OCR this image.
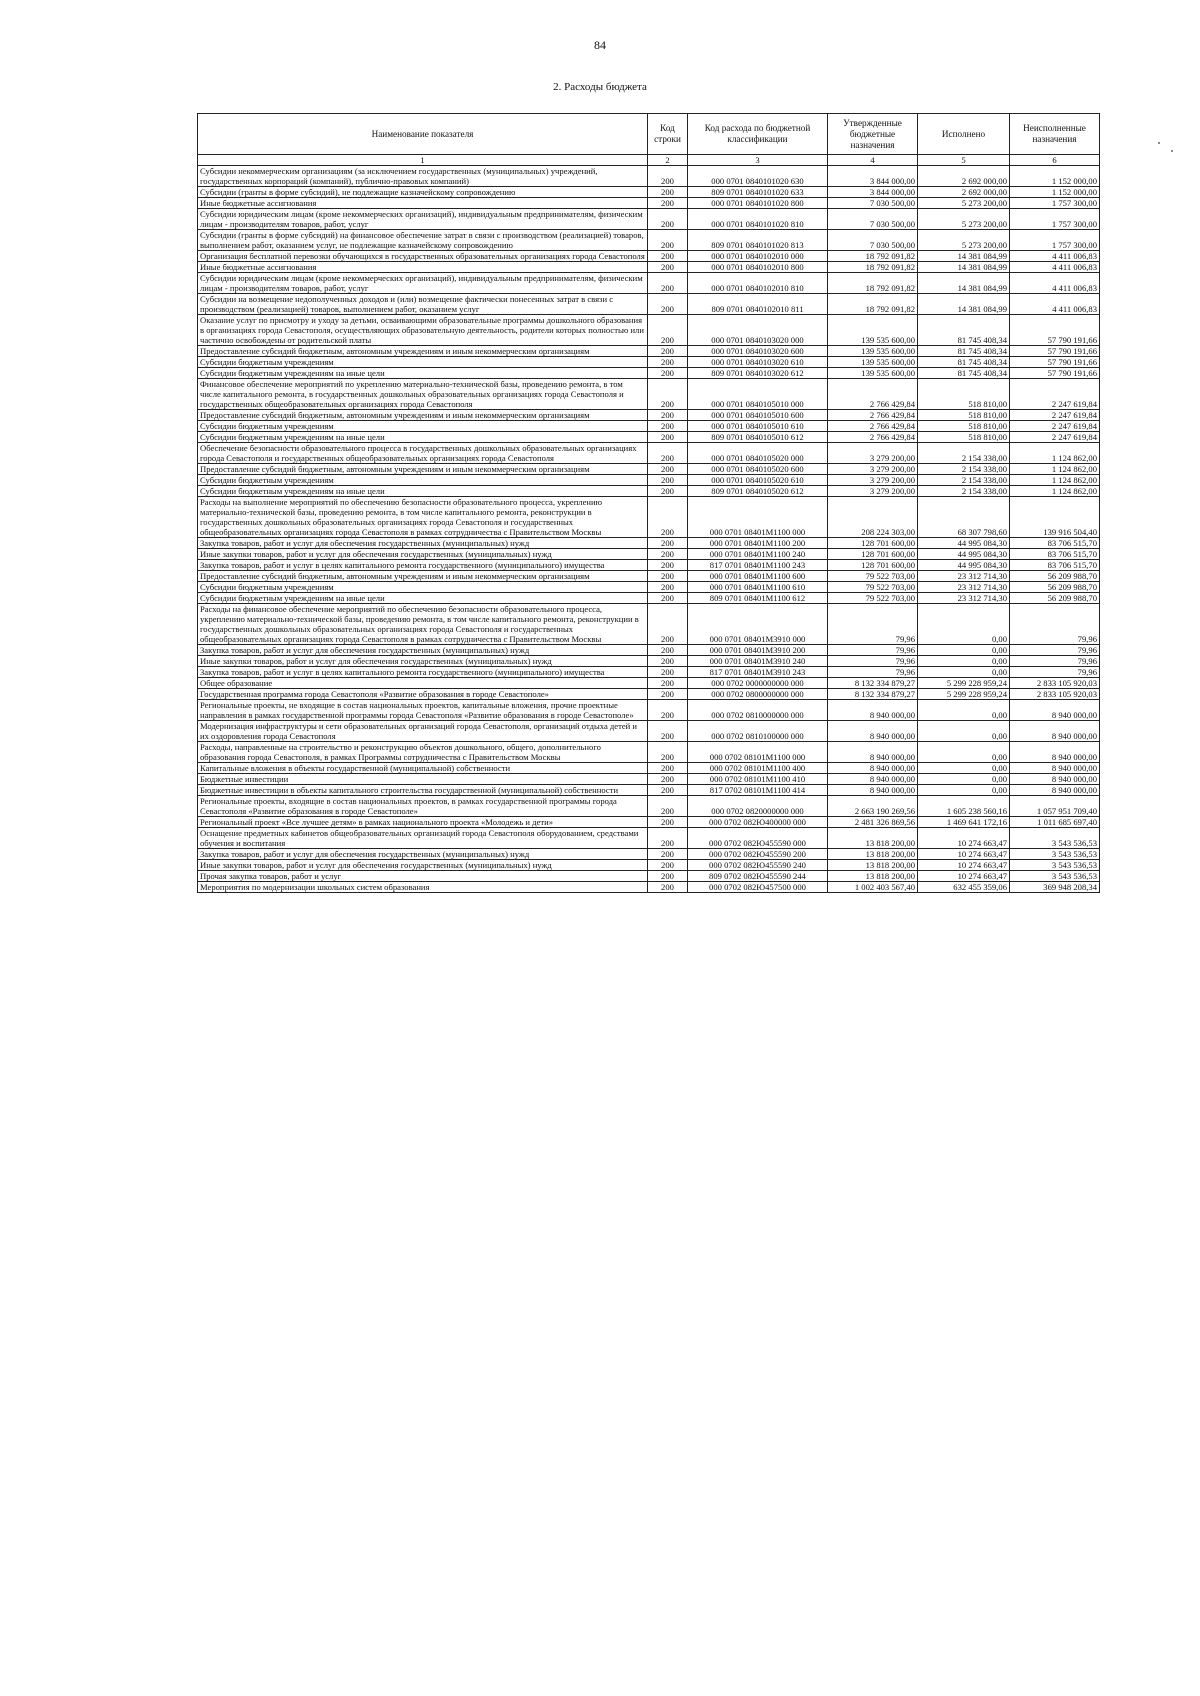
84
2. Расходы бюджета
Наименование показателя	Код строки	Код расхода по бюджетной классификации	Утвержденные бюджетные назначения	Исполнено	Неисполненные назначения
1	2	3	4	5	6
Субсидии некоммерческим организациям (за исключением государственных (муниципальных) учреждений, государственных корпораций (компаний), публично-правовых компаний)	200	000 0701 0840101020 630	3 844 000,00	2 692 000,00	1 152 000,00
Субсидии (гранты в форме субсидий), не подлежащие казначейскому сопровождению	200	809 0701 0840101020 633	3 844 000,00	2 692 000,00	1 152 000,00
Иные бюджетные ассигнования	200	000 0701 0840101020 800	7 030 500,00	5 273 200,00	1 757 300,00
Субсидии юридическим лицам (кроме некоммерческих организаций), индивидуальным предпринимателям, физическим лицам - производителям товаров, работ, услуг	200	000 0701 0840101020 810	7 030 500,00	5 273 200,00	1 757 300,00
Субсидии (гранты в форме субсидий) на финансовое обеспечение затрат в связи с производством (реализацией) товаров, выполнением работ, оказанием услуг, не подлежащие казначейскому сопровождению	200	809 0701 0840101020 813	7 030 500,00	5 273 200,00	1 757 300,00
Организация бесплатной перевозки обучающихся в государственных образовательных организациях города Севастополя	200	000 0701 0840102010 000	18 792 091,82	14 381 084,99	4 411 006,83
Иные бюджетные ассигнования	200	000 0701 0840102010 800	18 792 091,82	14 381 084,99	4 411 006,83
Субсидии юридическим лицам (кроме некоммерческих организаций), индивидуальным предпринимателям, физическим лицам - производителям товаров, работ, услуг	200	000 0701 0840102010 810	18 792 091,82	14 381 084,99	4 411 006,83
Субсидии на возмещение недополученных доходов и (или) возмещение фактически понесенных затрат в связи с производством (реализацией) товаров, выполнением работ, оказанием услуг	200	809 0701 0840102010 811	18 792 091,82	14 381 084,99	4 411 006,83
Оказание услуг по присмотру и уходу за детьми, осваивающими образовательные программы дошкольного образования в организациях города Севастополя, осуществляющих образовательную деятельность, родители которых полностью или частично освобождены от родительской платы	200	000 0701 0840103020 000	139 535 600,00	81 745 408,34	57 790 191,66
Предоставление субсидий бюджетным, автономным учреждениям и иным некоммерческим организациям	200	000 0701 0840103020 600	139 535 600,00	81 745 408,34	57 790 191,66
Субсидии бюджетным учреждениям	200	000 0701 0840103020 610	139 535 600,00	81 745 408,34	57 790 191,66
Субсидии бюджетным учреждениям на иные цели	200	809 0701 0840103020 612	139 535 600,00	81 745 408,34	57 790 191,66
Финансовое обеспечение мероприятий по укреплению материально-технической базы, проведению ремонта, в том числе капитального ремонта, в государственных дошкольных образовательных организациях города Севастополя и государственных общеобразовательных организациях города Севастополя	200	000 0701 0840105010 000	2 766 429,84	518 810,00	2 247 619,84
Предоставление субсидий бюджетным, автономным учреждениям и иным некоммерческим организациям	200	000 0701 0840105010 600	2 766 429,84	518 810,00	2 247 619,84
Субсидии бюджетным учреждениям	200	000 0701 0840105010 610	2 766 429,84	518 810,00	2 247 619,84
Субсидии бюджетным учреждениям на иные цели	200	809 0701 0840105010 612	2 766 429,84	518 810,00	2 247 619,84
Обеспечение безопасности образовательного процесса в государственных дошкольных образовательных организациях города Севастополя и государственных общеобразовательных организациях города Севастополя	200	000 0701 0840105020 000	3 279 200,00	2 154 338,00	1 124 862,00
Предоставление субсидий бюджетным, автономным учреждениям и иным некоммерческим организациям	200	000 0701 0840105020 600	3 279 200,00	2 154 338,00	1 124 862,00
Субсидии бюджетным учреждениям	200	000 0701 0840105020 610	3 279 200,00	2 154 338,00	1 124 862,00
Субсидии бюджетным учреждениям на иные цели	200	809 0701 0840105020 612	3 279 200,00	2 154 338,00	1 124 862,00
Расходы на выполнение мероприятий по обеспечению безопасности образовательного процесса, укреплению материально-технической базы, проведению ремонта, в том числе капитального ремонта, реконструкции в государственных дошкольных образовательных организациях города Севастополя и государственных общеобразовательных организациях города Севастополя в рамках сотрудничества с Правительством Москвы	200	000 0701 08401М1100 000	208 224 303,00	68 307 798,60	139 916 504,40
Закупка товаров, работ и услуг для обеспечения государственных (муниципальных) нужд	200	000 0701 08401М1100 200	128 701 600,00	44 995 084,30	83 706 515,70
Иные закупки товаров, работ и услуг для обеспечения государственных (муниципальных) нужд	200	000 0701 08401М1100 240	128 701 600,00	44 995 084,30	83 706 515,70
Закупка товаров, работ и услуг в целях капитального ремонта государственного (муниципального) имущества	200	817 0701 08401М1100 243	128 701 600,00	44 995 084,30	83 706 515,70
Предоставление субсидий бюджетным, автономным учреждениям и иным некоммерческим организациям	200	000 0701 08401М1100 600	79 522 703,00	23 312 714,30	56 209 988,70
Субсидии бюджетным учреждениям	200	000 0701 08401М1100 610	79 522 703,00	23 312 714,30	56 209 988,70
Субсидии бюджетным учреждениям на иные цели	200	809 0701 08401М1100 612	79 522 703,00	23 312 714,30	56 209 988,70
Расходы на финансовое обеспечение мероприятий по обеспечению безопасности образовательного процесса, укреплению материально-технической базы, проведению ремонта, в том числе капитального ремонта, реконструкции в государственных дошкольных образовательных организациях города Севастополя и государственных общеобразовательных организациях города Севастополя в рамках сотрудничества с Правительством Москвы	200	000 0701 08401М3910 000	79,96	0,00	79,96
Закупка товаров, работ и услуг для обеспечения государственных (муниципальных) нужд	200	000 0701 08401М3910 200	79,96	0,00	79,96
Иные закупки товаров, работ и услуг для обеспечения государственных (муниципальных) нужд	200	000 0701 08401М3910 240	79,96	0,00	79,96
Закупка товаров, работ и услуг в целях капитального ремонта государственного (муниципального) имущества	200	817 0701 08401М3910 243	79,96	0,00	79,96
Общее образование	200	000 0702 0000000000 000	8 132 334 879,27	5 299 228 959,24	2 833 105 920,03
Государственная программа города Севастополя «Развитие образования в городе Севастополе»	200	000 0702 0800000000 000	8 132 334 879,27	5 299 228 959,24	2 833 105 920,03
Региональные проекты, не входящие в состав национальных проектов, капитальные вложения, прочие проектные направления в рамках государственной программы города Севастополя «Развитие образования в городе Севастополе»	200	000 0702 0810000000 000	8 940 000,00	0,00	8 940 000,00
Модернизация инфраструктуры и сети образовательных организаций города Севастополя, организаций отдыха детей и их оздоровления города Севастополя	200	000 0702 0810100000 000	8 940 000,00	0,00	8 940 000,00
Расходы, направленные на строительство и реконструкцию объектов дошкольного, общего, дополнительного образования города Севастополя, в рамках Программы сотрудничества с Правительством Москвы	200	000 0702 08101М1100 000	8 940 000,00	0,00	8 940 000,00
Капитальные вложения в объекты государственной (муниципальной) собственности	200	000 0702 08101М1100 400	8 940 000,00	0,00	8 940 000,00
Бюджетные инвестиции	200	000 0702 08101М1100 410	8 940 000,00	0,00	8 940 000,00
Бюджетные инвестиции в объекты капитального строительства государственной (муниципальной) собственности	200	817 0702 08101М1100 414	8 940 000,00	0,00	8 940 000,00
Региональные проекты, входящие в состав национальных проектов, в рамках государственной программы города Севастополя «Развитие образования в городе Севастополе»	200	000 0702 0820000000 000	2 663 190 269,56	1 605 238 560,16	1 057 951 709,40
Региональный проект «Все лучшее детям» в рамках национального проекта «Молодежь и дети»	200	000 0702 082Ю400000 000	2 481 326 869,56	1 469 641 172,16	1 011 685 697,40
Оснащение предметных кабинетов общеобразовательных организаций города Севастополя оборудованием, средствами обучения и воспитания	200	000 0702 082Ю455590 000	13 818 200,00	10 274 663,47	3 543 536,53
Закупка товаров, работ и услуг для обеспечения государственных (муниципальных) нужд	200	000 0702 082Ю455590 200	13 818 200,00	10 274 663,47	3 543 536,53
Иные закупки товаров, работ и услуг для обеспечения государственных (муниципальных) нужд	200	000 0702 082Ю455590 240	13 818 200,00	10 274 663,47	3 543 536,53
Прочая закупка товаров, работ и услуг	200	809 0702 082Ю455590 244	13 818 200,00	10 274 663,47	3 543 536,53
Мероприятия по модернизации школьных систем образования	200	000 0702 082Ю457500 000	1 002 403 567,40	632 455 359,06	369 948 208,34
